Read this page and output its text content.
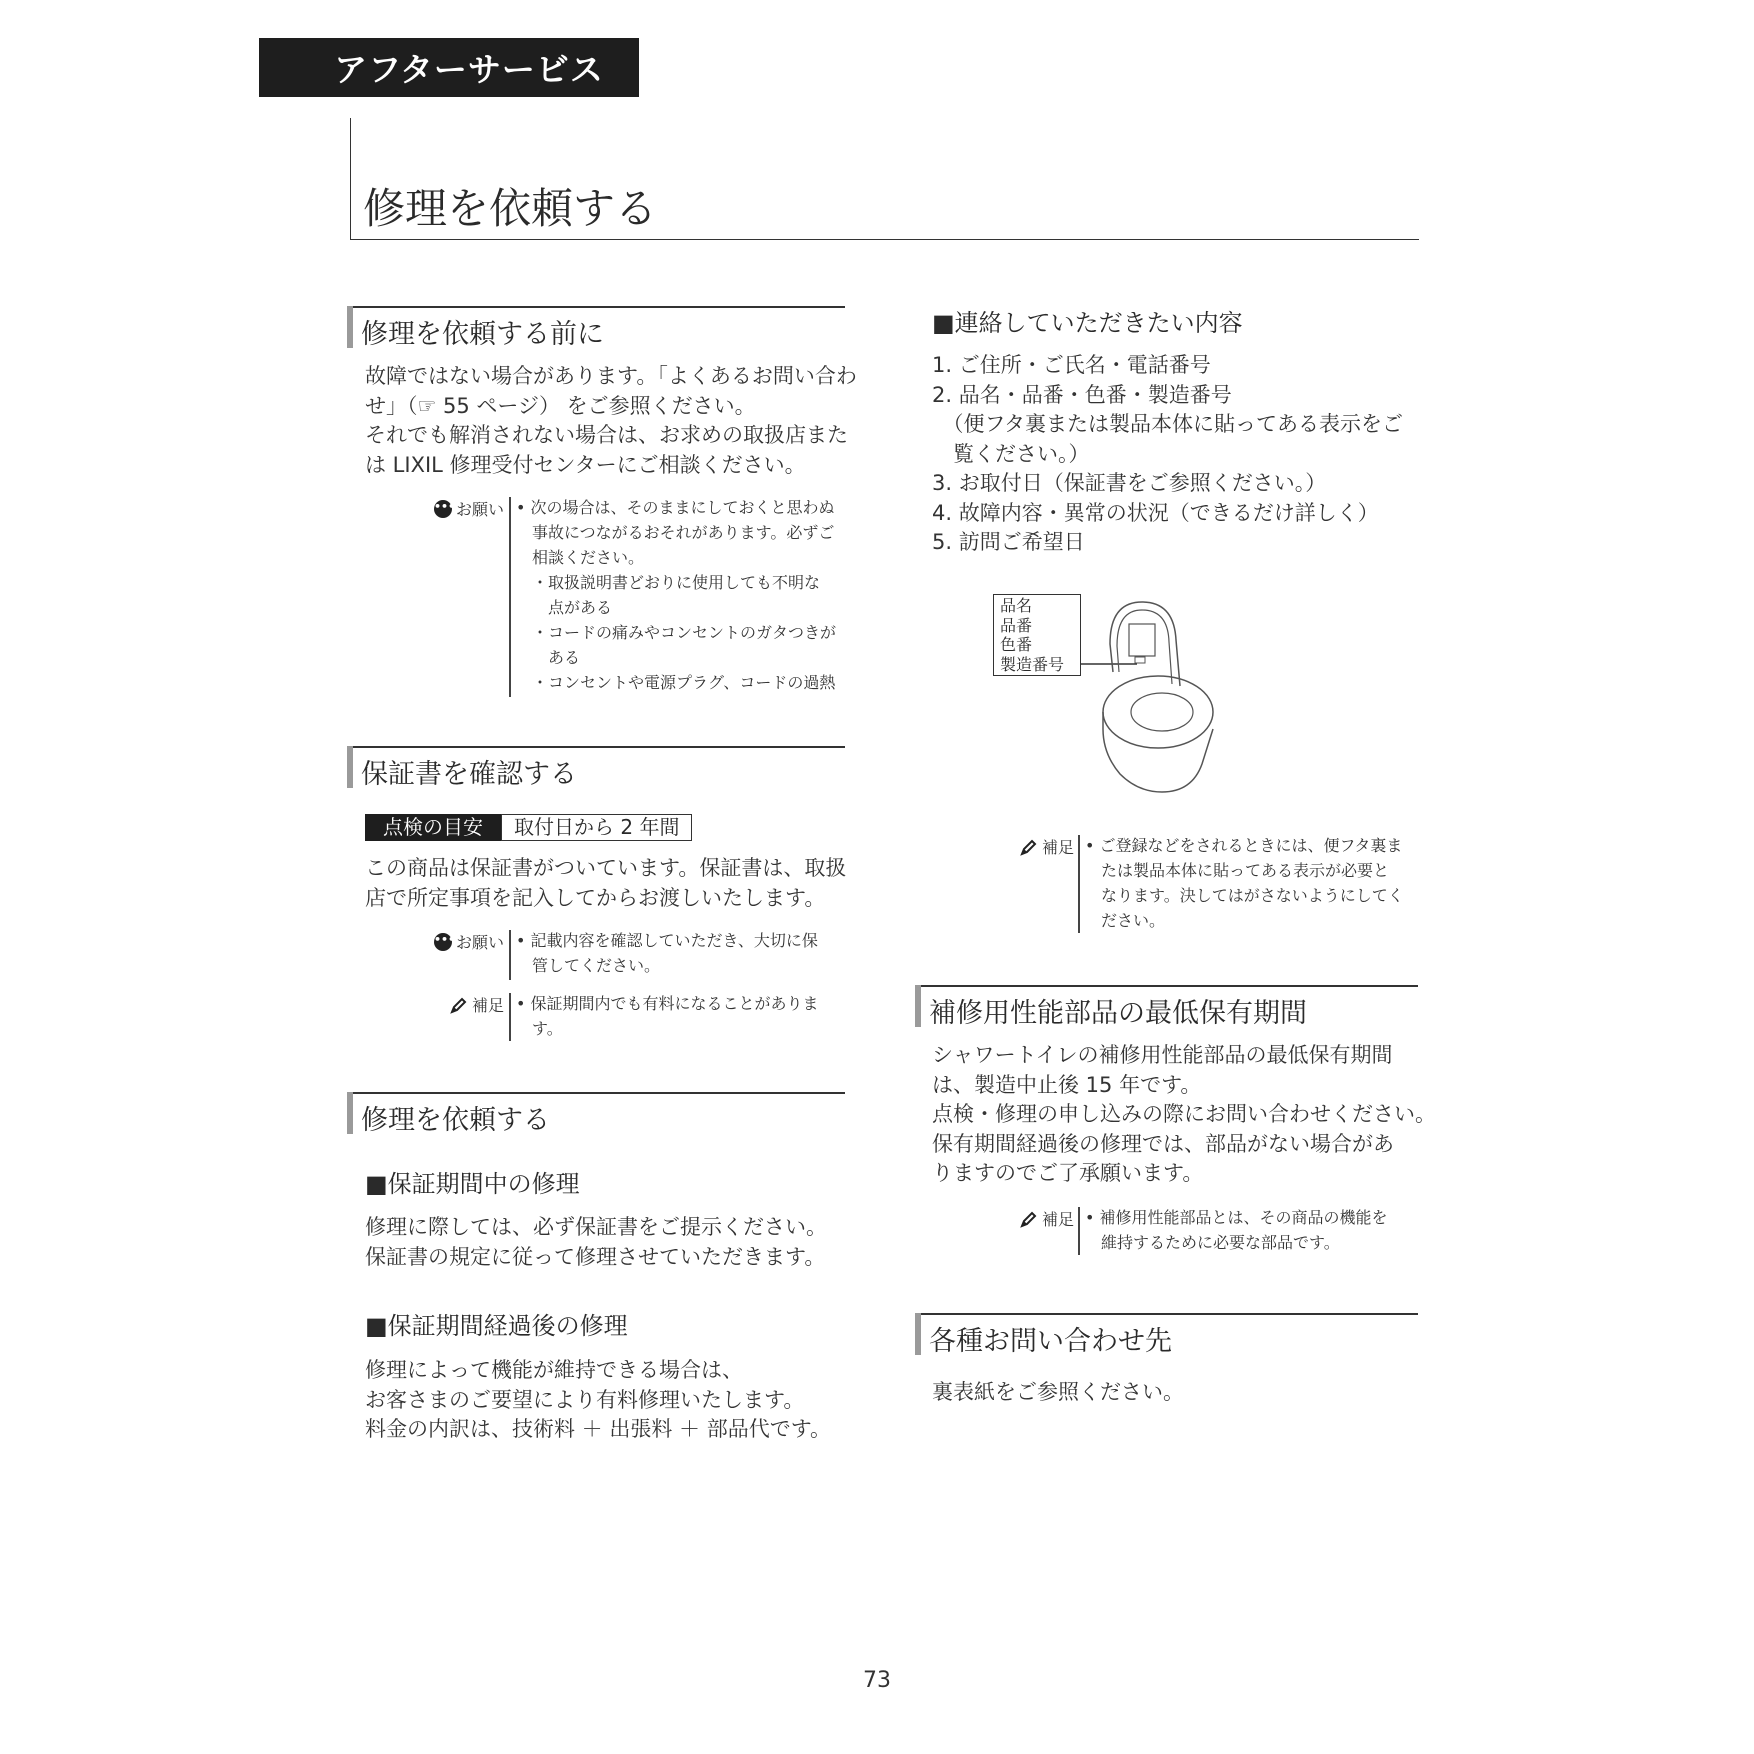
アフターサービス
修理を依頼する
修理を依頼する前に
故障ではない場合があります。「よくあるお問い合わ
せ」（☞ 55 ページ） をご参照ください。
それでも解消されない場合は、お求めの取扱店また
は LIXIL 修理受付センターにご相談ください。
••• お願い • 次の場合は、そのままにしておくと思わぬ
　事故につながるおそれがあります。必ずご
　相談ください。
　・取扱説明書どおりに使用しても不明な
　　点がある
　・コードの痛みやコンセントのガタつきが
　　ある
　・コンセントや電源プラグ、コードの過熱
保証書を確認する
点検の目安	取付日から 2 年間
この商品は保証書がついています。保証書は、取扱
店で所定事項を記入してからお渡しいたします。
••• お願い • 記載内容を確認していただき、大切に保
　管してください。
補足 • 保証期間内でも有料になることがありま
　す。
修理を依頼する
■保証期間中の修理
修理に際しては、必ず保証書をご提示ください。
保証書の規定に従って修理させていただきます。
■保証期間経過後の修理
修理によって機能が維持できる場合は、
お客さまのご要望により有料修理いたします。
料金の内訳は、技術料 ＋ 出張料 ＋ 部品代です。
■連絡していただきたい内容
1. ご住所・ご氏名・電話番号
2. 品名・品番・色番・製造番号
　（便フタ裏または製品本体に貼ってある表示をご
　覧ください。）
3. お取付日（保証書をご参照ください。）
4. 故障内容・異常の状況（できるだけ詳しく）
5. 訪問ご希望日
品名
品番
色番
製造番号
補足 • ご登録などをされるときには、便フタ裏ま
　たは製品本体に貼ってある表示が必要と
　なります。決してはがさないようにしてく
　ださい。
補修用性能部品の最低保有期間
シャワートイレの補修用性能部品の最低保有期間
は、製造中止後 15 年です。
点検・修理の申し込みの際にお問い合わせください。
保有期間経過後の修理では、部品がない場合があ
りますのでご了承願います。
補足 • 補修用性能部品とは、その商品の機能を
　維持するために必要な部品です。
各種お問い合わせ先
裏表紙をご参照ください。
73
